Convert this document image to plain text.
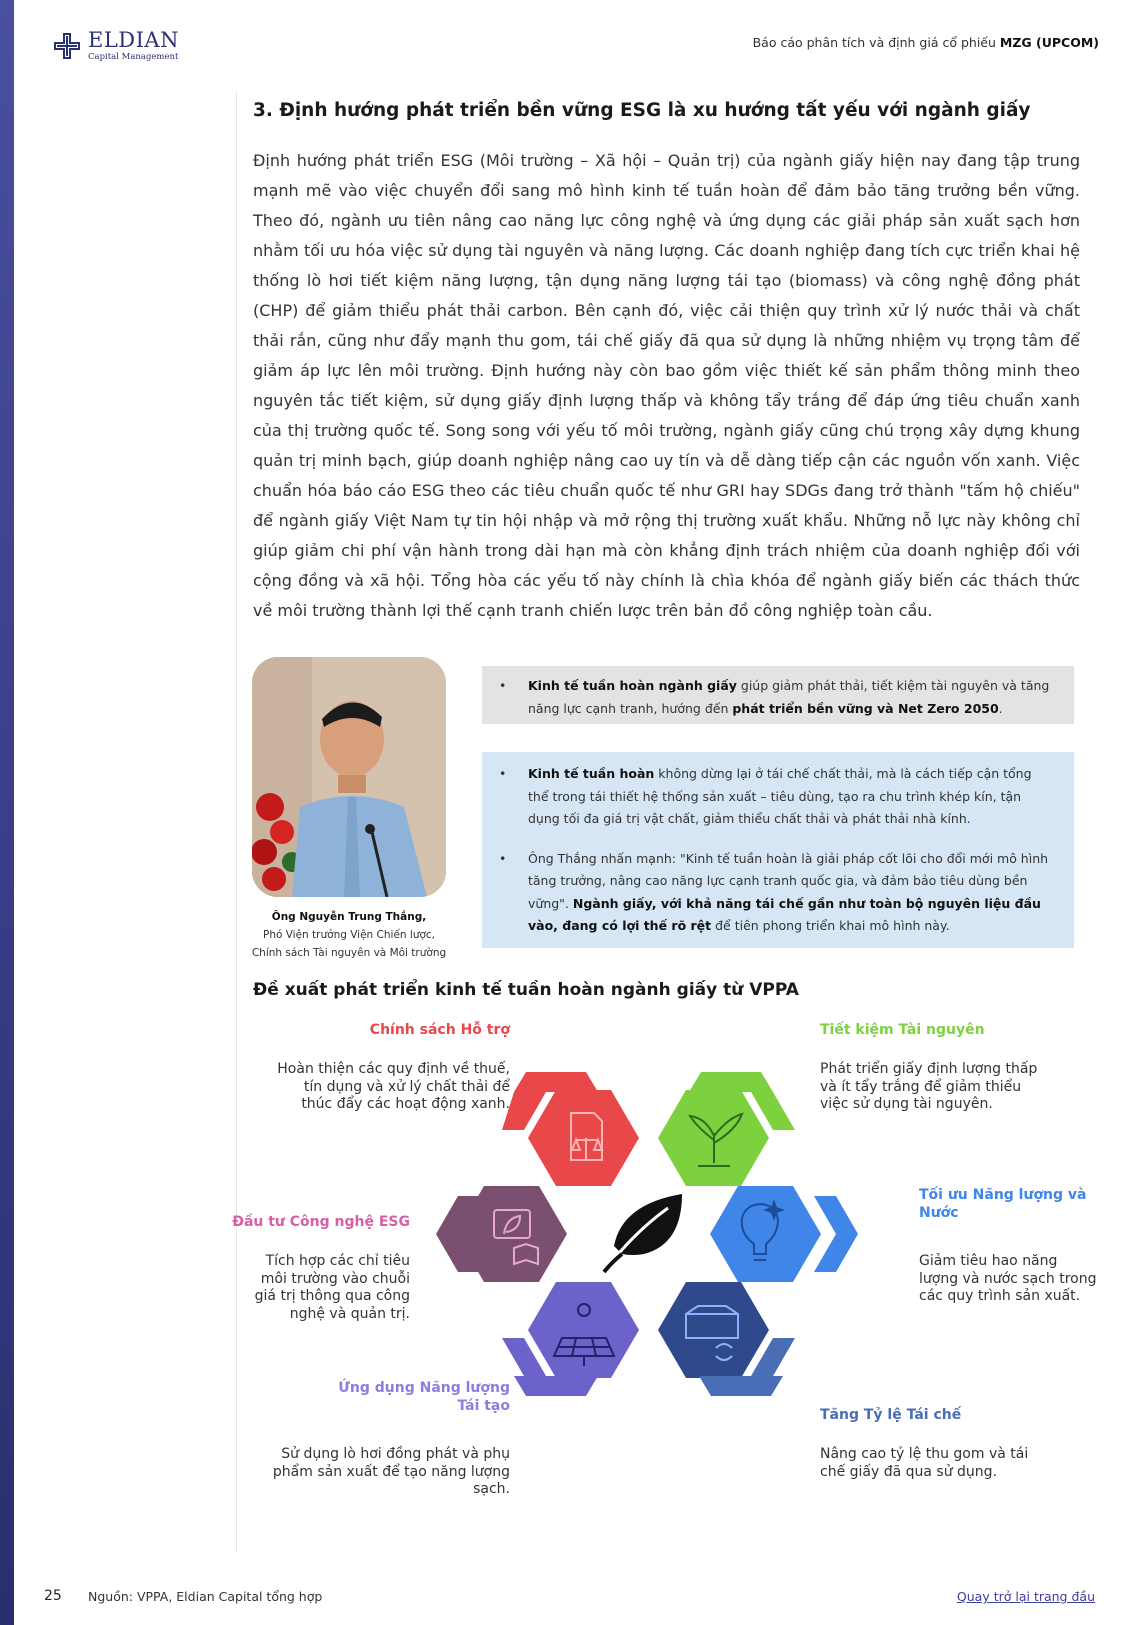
ELDIAN
Capital Management
Báo cáo phân tích và định giá cổ phiếu MZG (UPCOM)
3. Định hướng phát triển bền vững ESG là xu hướng tất yếu với ngành giấy
Định hướng phát triển ESG (Môi trường – Xã hội – Quản trị) của ngành giấy hiện nay đang tập trung mạnh mẽ vào việc chuyển đổi sang mô hình kinh tế tuần hoàn để đảm bảo tăng trưởng bền vững. Theo đó, ngành ưu tiên nâng cao năng lực công nghệ và ứng dụng các giải pháp sản xuất sạch hơn nhằm tối ưu hóa việc sử dụng tài nguyên và năng lượng. Các doanh nghiệp đang tích cực triển khai hệ thống lò hơi tiết kiệm năng lượng, tận dụng năng lượng tái tạo (biomass) và công nghệ đồng phát (CHP) để giảm thiểu phát thải carbon. Bên cạnh đó, việc cải thiện quy trình xử lý nước thải và chất thải rắn, cũng như đẩy mạnh thu gom, tái chế giấy đã qua sử dụng là những nhiệm vụ trọng tâm để giảm áp lực lên môi trường. Định hướng này còn bao gồm việc thiết kế sản phẩm thông minh theo nguyên tắc tiết kiệm, sử dụng giấy định lượng thấp và không tẩy trắng để đáp ứng tiêu chuẩn xanh của thị trường quốc tế. Song song với yếu tố môi trường, ngành giấy cũng chú trọng xây dựng khung quản trị minh bạch, giúp doanh nghiệp nâng cao uy tín và dễ dàng tiếp cận các nguồn vốn xanh. Việc chuẩn hóa báo cáo ESG theo các tiêu chuẩn quốc tế như GRI hay SDGs đang trở thành "tấm hộ chiếu" để ngành giấy Việt Nam tự tin hội nhập và mở rộng thị trường xuất khẩu. Những nỗ lực này không chỉ giúp giảm chi phí vận hành trong dài hạn mà còn khẳng định trách nhiệm của doanh nghiệp đối với cộng đồng và xã hội. Tổng hòa các yếu tố này chính là chìa khóa để ngành giấy biến các thách thức về môi trường thành lợi thế cạnh tranh chiến lược trên bản đồ công nghiệp toàn cầu.
Ông Nguyễn Trung Thắng,
Phó Viện trưởng Viện Chiến lược,
Chính sách Tài nguyên và Môi trường
• Kinh tế tuần hoàn ngành giấy giúp giảm phát thải, tiết kiệm tài nguyên và tăng năng lực cạnh tranh, hướng đến phát triển bền vững và Net Zero 2050.
• Kinh tế tuần hoàn không dừng lại ở tái chế chất thải, mà là cách tiếp cận tổng thể trong tái thiết hệ thống sản xuất – tiêu dùng, tạo ra chu trình khép kín, tận dụng tối đa giá trị vật chất, giảm thiểu chất thải và phát thải nhà kính.
• Ông Thắng nhấn mạnh: "Kinh tế tuần hoàn là giải pháp cốt lõi cho đổi mới mô hình tăng trưởng, nâng cao năng lực cạnh tranh quốc gia, và đảm bảo tiêu dùng bền vững". Ngành giấy, với khả năng tái chế gần như toàn bộ nguyên liệu đầu vào, đang có lợi thế rõ rệt để tiên phong triển khai mô hình này.
Đề xuất phát triển kinh tế tuần hoàn ngành giấy từ VPPA
Chính sách Hỗ trợ
Hoàn thiện các quy định về thuế, tín dụng và xử lý chất thải để thúc đẩy các hoạt động xanh.
Tiết kiệm Tài nguyên
Phát triển giấy định lượng thấp và ít tẩy trắng để giảm thiểu việc sử dụng tài nguyên.
Tối ưu Năng lượng và Nước
Giảm tiêu hao năng lượng và nước sạch trong các quy trình sản xuất.
Tăng Tỷ lệ Tái chế
Nâng cao tỷ lệ thu gom và tái chế giấy đã qua sử dụng.
Ứng dụng Năng lượng Tái tạo
Sử dụng lò hơi đồng phát và phụ phẩm sản xuất để tạo năng lượng sạch.
Đầu tư Công nghệ ESG
Tích hợp các chỉ tiêu môi trường vào chuỗi giá trị thông qua công nghệ và quản trị.
25 Nguồn: VPPA, Eldian Capital tổng hợp	Quay trở lại trang đầu
